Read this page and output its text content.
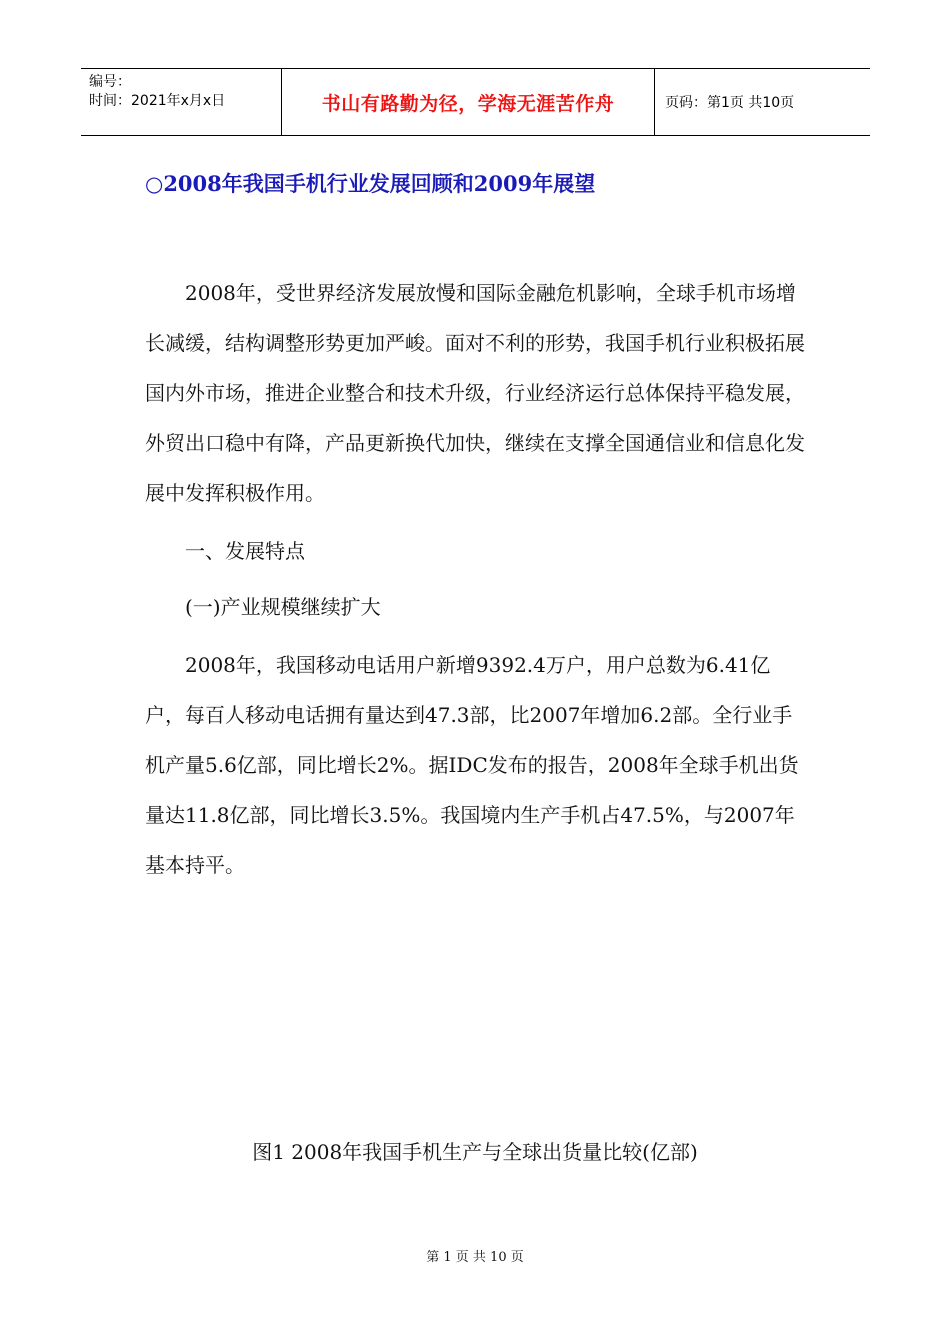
编号：
时间：2021年x月x日	书山有路勤为径，学海无涯苦作舟	页码：第1页 共10页
○2008年我国手机行业发展回顾和2009年展望

2008年，受世界经济发展放慢和国际金融危机影响，全球手机市场增长减缓，结构调整形势更加严峻。面对不利的形势，我国手机行业积极拓展国内外市场，推进企业整合和技术升级，行业经济运行总体保持平稳发展，外贸出口稳中有降，产品更新换代加快，继续在支撑全国通信业和信息化发展中发挥积极作用。

一、发展特点

(一)产业规模继续扩大

2008年，我国移动电话用户新增9392.4万户，用户总数为6.41亿户，每百人移动电话拥有量达到47.3部，比2007年增加6.2部。全行业手机产量5.6亿部，同比增长2%。据IDC发布的报告，2008年全球手机出货量达11.8亿部，同比增长3.5%。我国境内生产手机占47.5%，与2007年基本持平。

图1 2008年我国手机生产与全球出货量比较(亿部)

第 1 页 共 10 页
